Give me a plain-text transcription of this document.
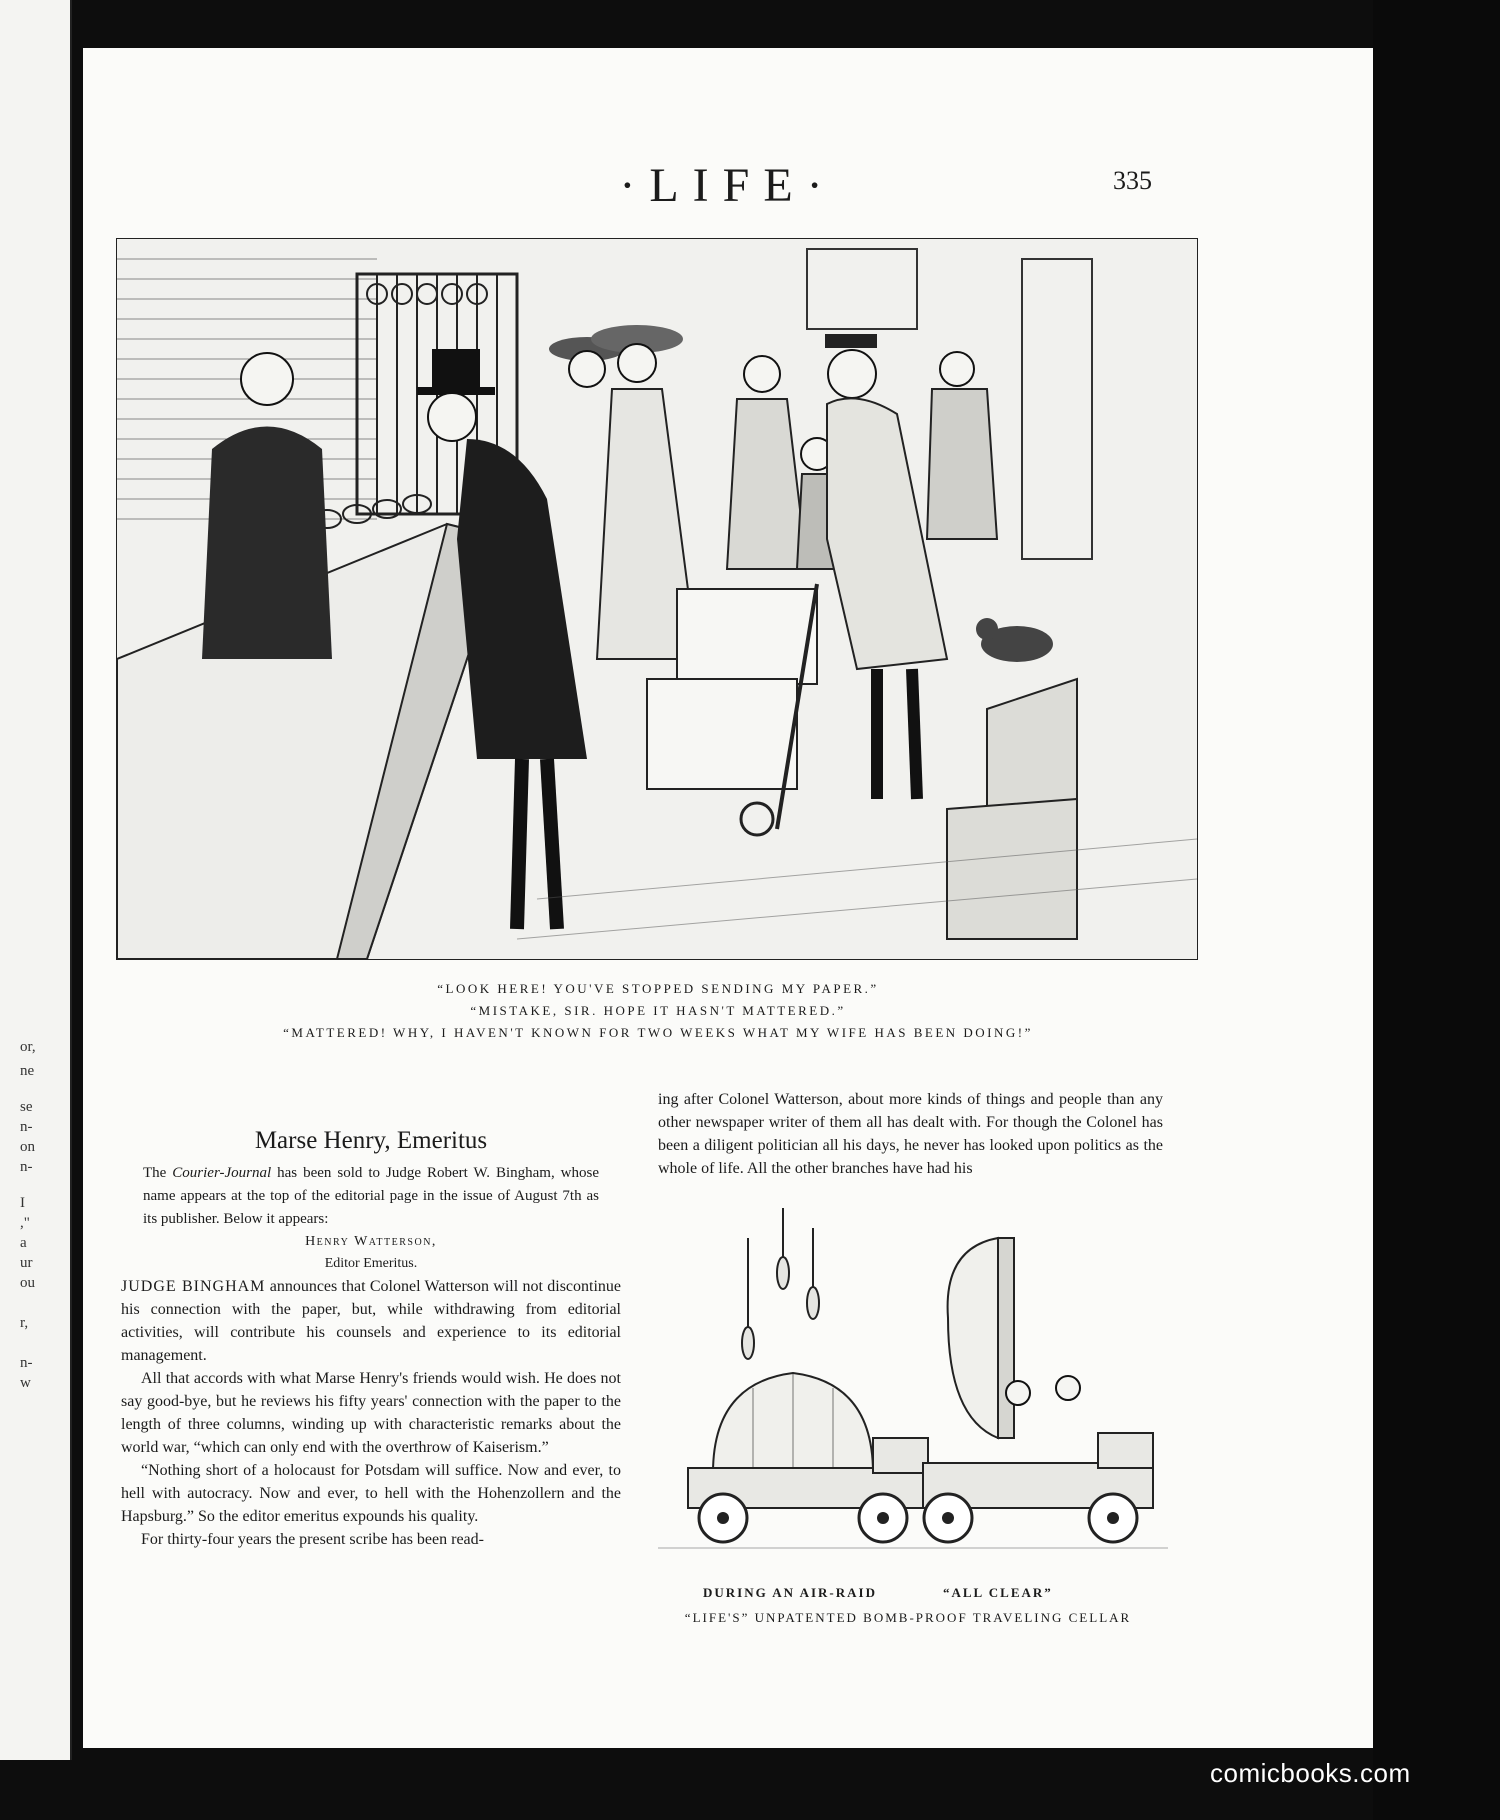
or,
ne
se
n-
on
n-
I
,"
a
ur
ou
r,
n-
w
·LIFE·	335
“LOOK HERE! YOU'VE STOPPED SENDING MY PAPER.”
“MISTAKE, SIR. HOPE IT HASN'T MATTERED.”
“MATTERED! WHY, I HAVEN'T KNOWN FOR TWO WEEKS WHAT MY WIFE HAS BEEN DOING!”
Marse Henry, Emeritus

The Courier-Journal has been sold to Judge Robert W. Bingham, whose name appears at the top of the editorial page in the issue of August 7th as its publisher. Below it appears:

Henry Watterson,
Editor Emeritus.

JUDGE BINGHAM announces that Colonel Watterson will not discontinue his connection with the paper, but, while withdrawing from editorial activities, will contribute his counsels and experience to its editorial management.

All that accords with what Marse Henry's friends would wish. He does not say good-bye, but he reviews his fifty years' connection with the paper to the length of three columns, winding up with characteristic remarks about the world war, “which can only end with the overthrow of Kaiserism.”

“Nothing short of a holocaust for Potsdam will suffice. Now and ever, to hell with autocracy. Now and ever, to hell with the Hohenzollern and the Hapsburg.” So the editor emeritus expounds his quality.

For thirty-four years the present scribe has been read-

ing after Colonel Watterson, about more kinds of things and people than any other newspaper writer of them all has dealt with. For though the Colonel has been a diligent politician all his days, he never has looked upon politics as the whole of life. All the other branches have had his

DURING AN AIR-RAID	“ALL CLEAR”
“LIFE'S” UNPATENTED BOMB-PROOF TRAVELING CELLAR
comicbooks.com
